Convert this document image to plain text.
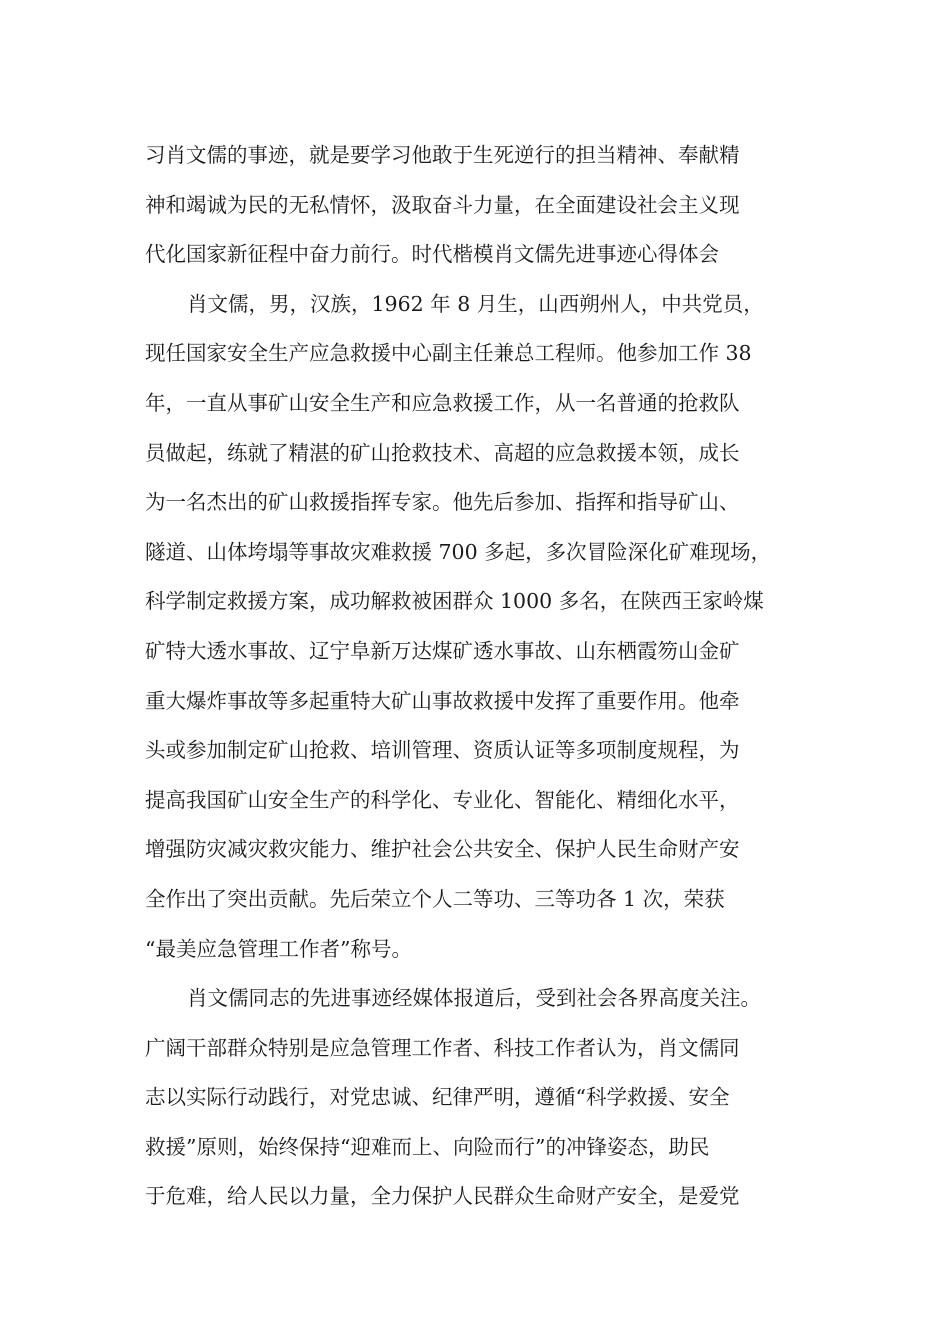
习肖文儒的事迹，就是要学习他敢于生死逆行的担当精神、奉献精
神和竭诚为民的无私情怀，汲取奋斗力量，在全面建设社会主义现
代化国家新征程中奋力前行。时代楷模肖文儒先进事迹心得体会
肖文儒，男，汉族，1962 年 8 月生，山西朔州人，中共党员，
现任国家安全生产应急救援中心副主任兼总工程师。他参加工作 38
年，一直从事矿山安全生产和应急救援工作，从一名普通的抢救队
员做起，练就了精湛的矿山抢救技术、高超的应急救援本领，成长
为一名杰出的矿山救援指挥专家。他先后参加、指挥和指导矿山、
隧道、山体垮塌等事故灾难救援 700 多起，多次冒险深化矿难现场，
科学制定救援方案，成功解救被困群众 1000 多名，在陕西王家岭煤
矿特大透水事故、辽宁阜新万达煤矿透水事故、山东栖霞笏山金矿
重大爆炸事故等多起重特大矿山事故救援中发挥了重要作用。他牵
头或参加制定矿山抢救、培训管理、资质认证等多项制度规程，为
提高我国矿山安全生产的科学化、专业化、智能化、精细化水平，
增强防灾减灾救灾能力、维护社会公共安全、保护人民生命财产安
全作出了突出贡献。先后荣立个人二等功、三等功各 1 次，荣获
“最美应急管理工作者”称号。
肖文儒同志的先进事迹经媒体报道后，受到社会各界高度关注。
广阔干部群众特别是应急管理工作者、科技工作者认为，肖文儒同
志以实际行动践行，对党忠诚、纪律严明，遵循“科学救援、安全
救援”原则，始终保持“迎难而上、向险而行”的冲锋姿态，助民
于危难，给人民以力量，全力保护人民群众生命财产安全，是爱党
